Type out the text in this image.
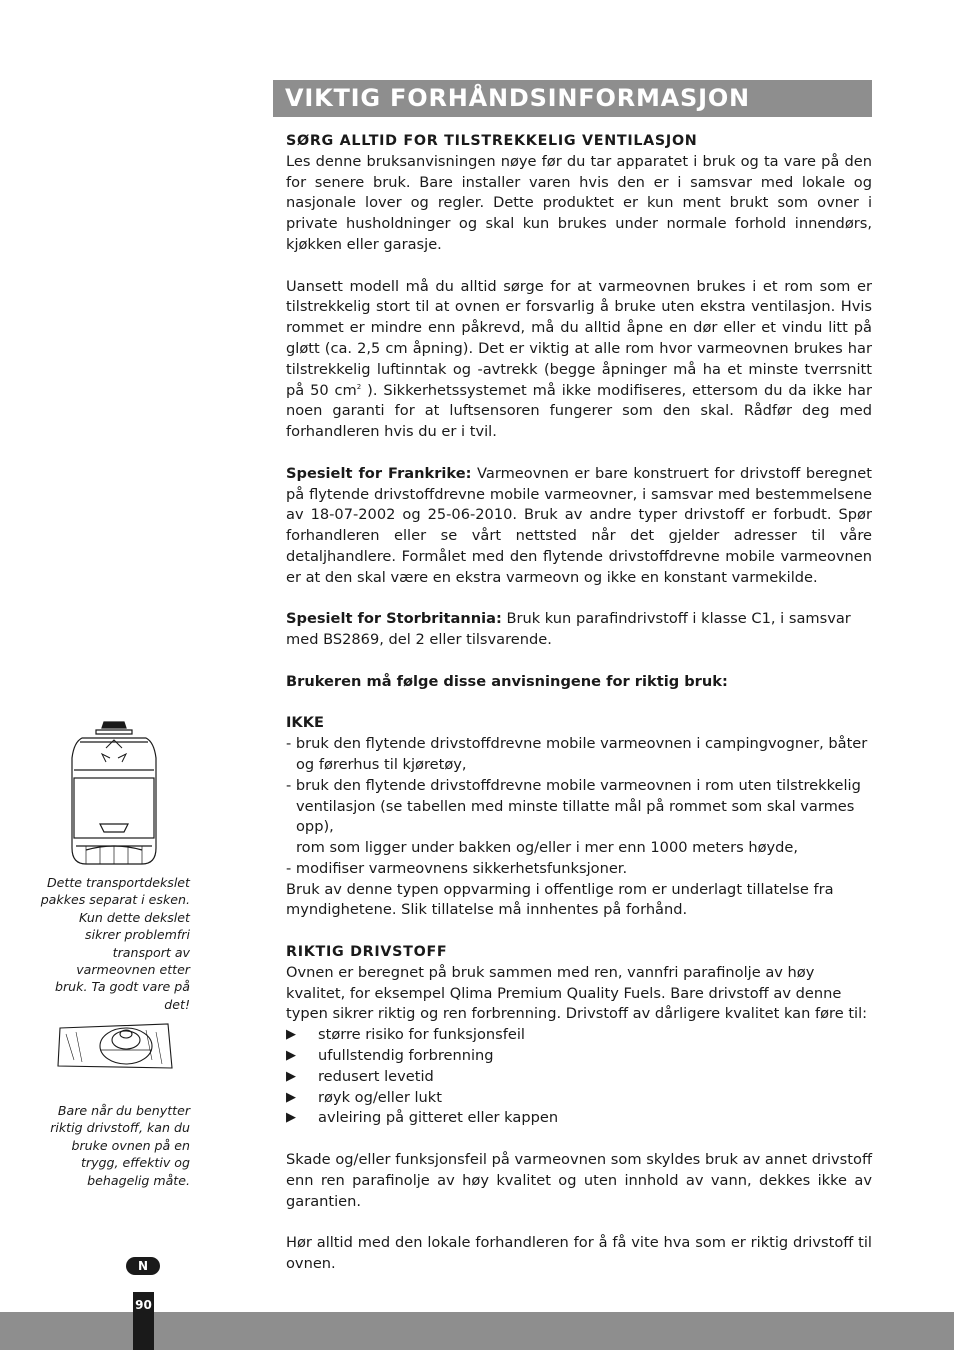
VIKTIG FORHÅNDSINFORMASJON

SØRG ALLTID FOR TILSTREKKELIG VENTILASJON

Les denne bruksanvisningen nøye før du tar apparatet i bruk og ta vare på den for senere bruk. Bare installer varen hvis den er i samsvar med lokale og nasjonale lover og regler. Dette produktet er kun ment brukt som ovner i private husholdninger og skal kun brukes under normale forhold innendørs, kjøkken eller garasje.

Uansett modell må du alltid sørge for at varmeovnen brukes i et rom som er tilstrekkelig stort til at ovnen er forsvarlig å bruke uten ekstra ventilasjon. Hvis rommet er mindre enn påkrevd, må du alltid åpne en dør eller et vindu litt på gløtt (ca. 2,5 cm åpning). Det er viktig at alle rom hvor varmeovnen brukes har tilstrekkelig luftinntak og -avtrekk (begge åpninger må ha et minste tverrsnitt på 50 $cm^2$ ). Sikkerhetssystemet må ikke modifiseres, ettersom du da ikke har noen garanti for at luftsensoren fungerer som den skal. Rådfør deg med forhandleren hvis du er i tvil.

Spesielt for Frankrike: Varmeovnen er bare konstruert for drivstoff beregnet på flytende drivstoffdrevne mobile varmeovner, i samsvar med bestemmelsene av 18-07-2002 og 25-06-2010. Bruk av andre typer drivstoff er forbudt. Spør forhandleren eller se vårt nettsted når det gjelder adresser til våre detaljhandlere. Formålet med den flytende drivstoffdrevne mobile varmeovnen er at den skal være en ekstra varmeovn og ikke en konstant varmekilde.

Spesielt for Storbritannia: Bruk kun parafindrivstoff i klasse C1, i samsvar med BS2869, del 2 eller tilsvarende.

Brukeren må følge disse anvisningene for riktig bruk:

IKKE

- bruk den flytende drivstoffdrevne mobile varmeovnen i campingvogner, båter

og førerhus til kjøretøy,

- bruk den flytende drivstoffdrevne mobile varmeovnen i rom uten tilstrekkelig

ventilasjon (se tabellen med minste tillatte mål på rommet som skal varmes opp),

rom som ligger under bakken og/eller i mer enn 1000 meters høyde,

- modifiser varmeovnens sikkerhetsfunksjoner.

Bruk av denne typen oppvarming i offentlige rom er underlagt tillatelse fra myndighetene. Slik tillatelse må innhentes på forhånd.

RIKTIG DRIVSTOFF

Ovnen er beregnet på bruk sammen med ren, vannfri parafinolje av høy kvalitet, for eksempel Qlima Premium Quality Fuels. Bare drivstoff av denne typen sikrer riktig og ren forbrenning. Drivstoff av dårligere kvalitet kan føre til:

▶	større risiko for funksjonsfeil
▶	ufullstendig forbrenning
▶	redusert levetid
▶	røyk og/eller lukt
▶	avleiring på gitteret eller kappen

Skade og/eller funksjonsfeil på varmeovnen som skyldes bruk av annet drivstoff enn ren parafinolje av høy kvalitet og uten innhold av vann, dekkes ikke av garantien.

Hør alltid med den lokale forhandleren for å få vite hva som er riktig drivstoff til ovnen.

Dette transportdekslet pakkes separat i esken. Kun dette dekslet sikrer problemfri transport av varmeovnen etter bruk. Ta godt vare på det!
Bare når du benytter riktig drivstoff, kan du bruke ovnen på en trygg, effektiv og behagelig måte.
N
90
